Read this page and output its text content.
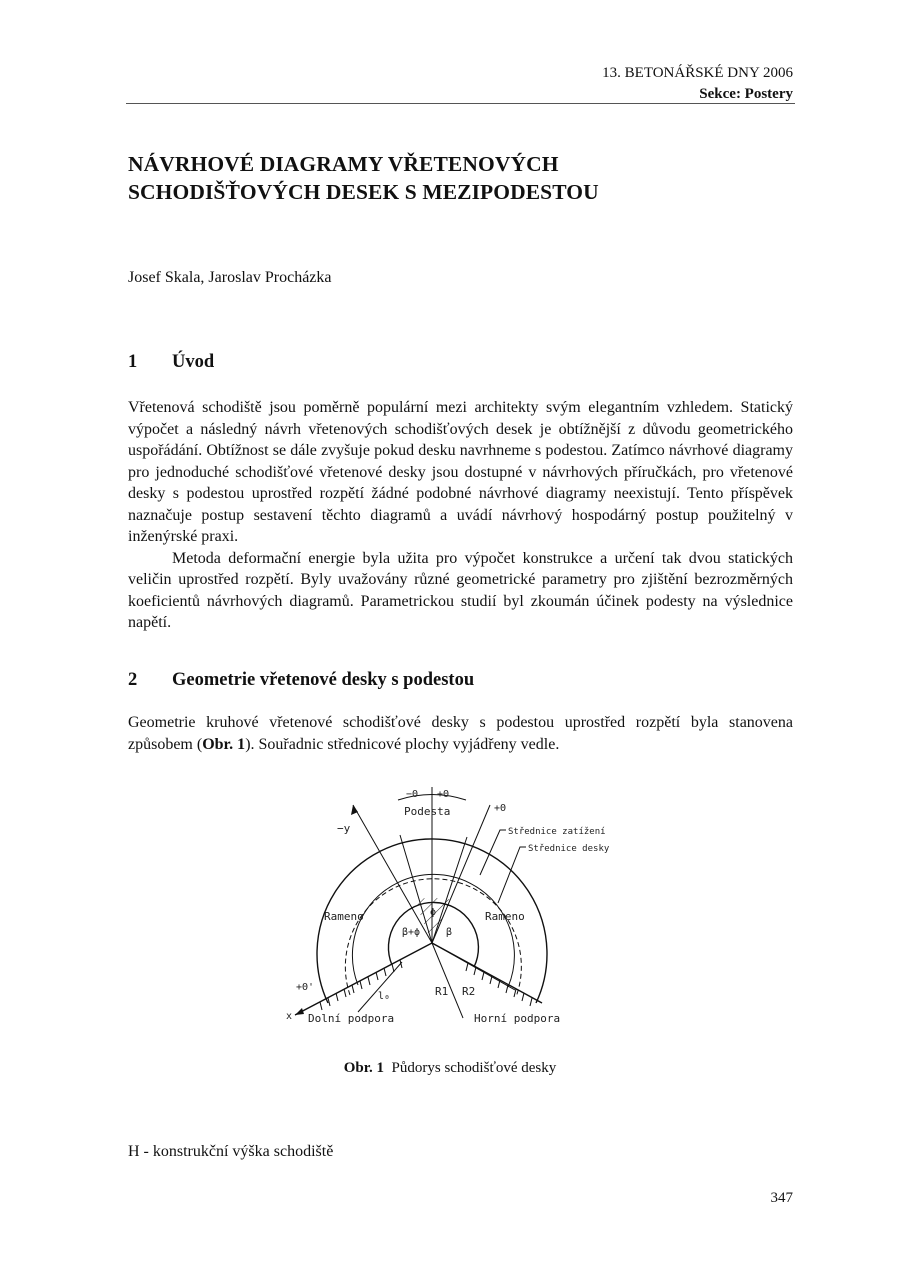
13. BETONÁŘSKÉ DNY 2006
Sekce: Postery
NÁVRHOVÉ DIAGRAMY VŘETENOVÝCH
SCHODIŠŤOVÝCH DESEK S MEZIPODESTOU
Josef Skala, Jaroslav Procházka
1 Úvod

Vřetenová schodiště jsou poměrně populární mezi architekty svým elegantním vzhledem. Statický výpočet a následný návrh vřetenových schodišťových desek je obtížnější z důvodu geometrického uspořádání. Obtížnost se dále zvyšuje pokud desku navrhneme s podestou. Zatímco návrhové diagramy pro jednoduché schodišťové vřetenové desky jsou dostupné v návrhových příručkách, pro vřetenové desky s podestou uprostřed rozpětí žádné podobné návrhové diagramy neexistují. Tento příspěvek naznačuje postup sestavení těchto diagramů a uvádí návrhový hospodárný postup použitelný v inženýrské praxi.

Metoda deformační energie byla užita pro výpočet konstrukce a určení tak dvou statických veličin uprostřed rozpětí. Byly uvažovány různé geometrické parametry pro zjištění bezrozměrných koeficientů návrhových diagramů. Parametrickou studií byl zkoumán účinek podesty na výslednice napětí.

2 Geometrie vřetenové desky s podestou

Geometrie kruhové vřetenové schodišťové desky s podestou uprostřed rozpětí byla stanovena způsobem (Obr. 1). Souřadnic střednicové plochy vyjádřeny vedle.

−Θ +Θ
Podesta	+Θ
−y	Střednice zatížení
Střednice desky
Rameno	Rameno
ϕ
β+ϕ	β
+Θ'
x
l₀	R1 R2
Dolní podpora	Horní podpora
Obr. 1 Půdorys schodišťové desky
H - konstrukční výška schodiště
347
